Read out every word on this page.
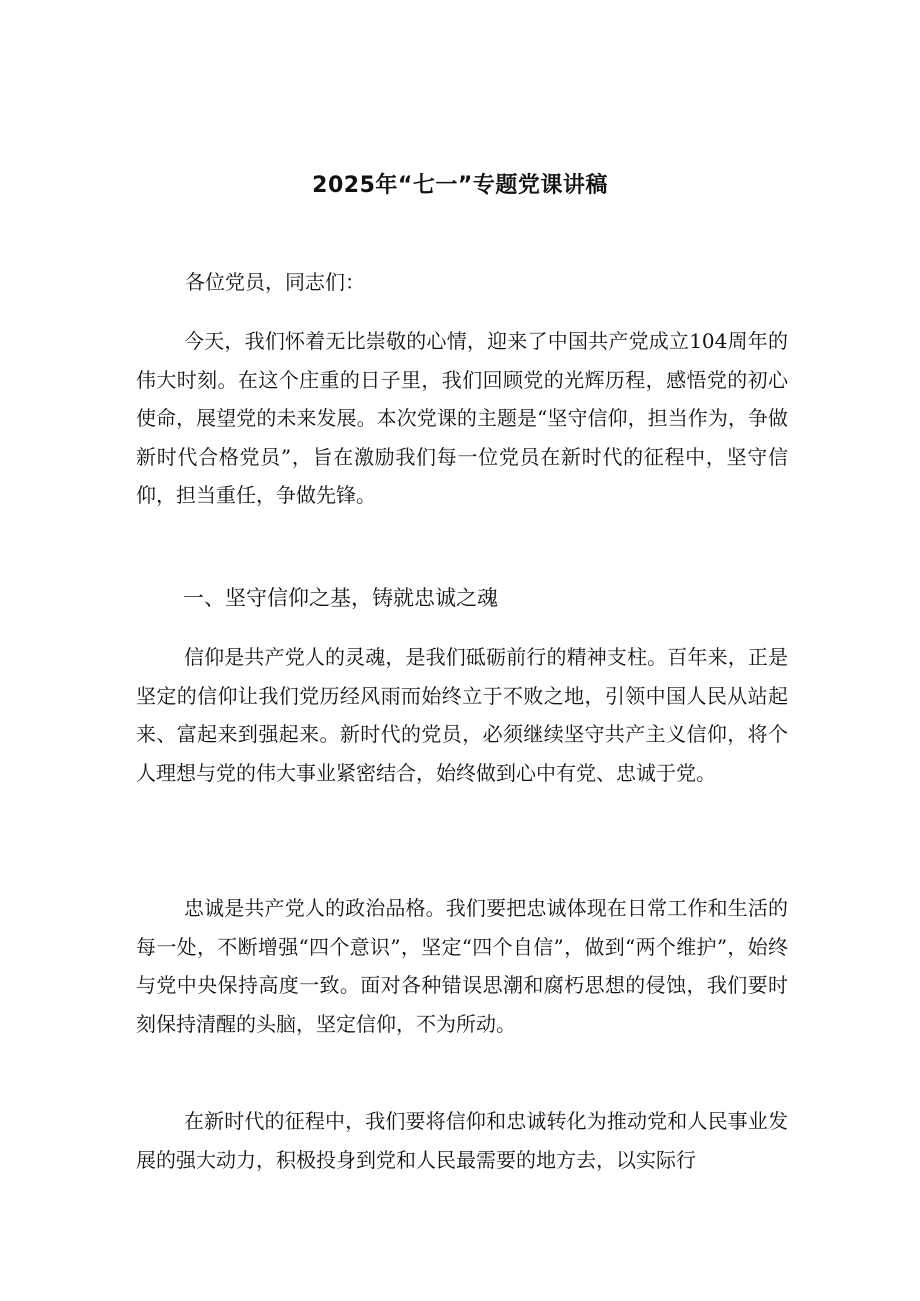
2025年“七一”专题党课讲稿
各位党员，同志们：

今天，我们怀着无比崇敬的心情，迎来了中国共产党成立104周年的伟大时刻。在这个庄重的日子里，我们回顾党的光辉历程，感悟党的初心使命，展望党的未来发展。本次党课的主题是“坚守信仰，担当作为，争做新时代合格党员”，旨在激励我们每一位党员在新时代的征程中，坚守信仰，担当重任，争做先锋。

一、坚守信仰之基，铸就忠诚之魂

信仰是共产党人的灵魂，是我们砥砺前行的精神支柱。百年来，正是坚定的信仰让我们党历经风雨而始终立于不败之地，引领中国人民从站起来、富起来到强起来。新时代的党员，必须继续坚守共产主义信仰，将个人理想与党的伟大事业紧密结合，始终做到心中有党、忠诚于党。

忠诚是共产党人的政治品格。我们要把忠诚体现在日常工作和生活的每一处，不断增强“四个意识”，坚定“四个自信”，做到“两个维护”，始终与党中央保持高度一致。面对各种错误思潮和腐朽思想的侵蚀，我们要时刻保持清醒的头脑，坚定信仰，不为所动。

在新时代的征程中，我们要将信仰和忠诚转化为推动党和人民事业发展的强大动力，积极投身到党和人民最需要的地方去，以实际行
